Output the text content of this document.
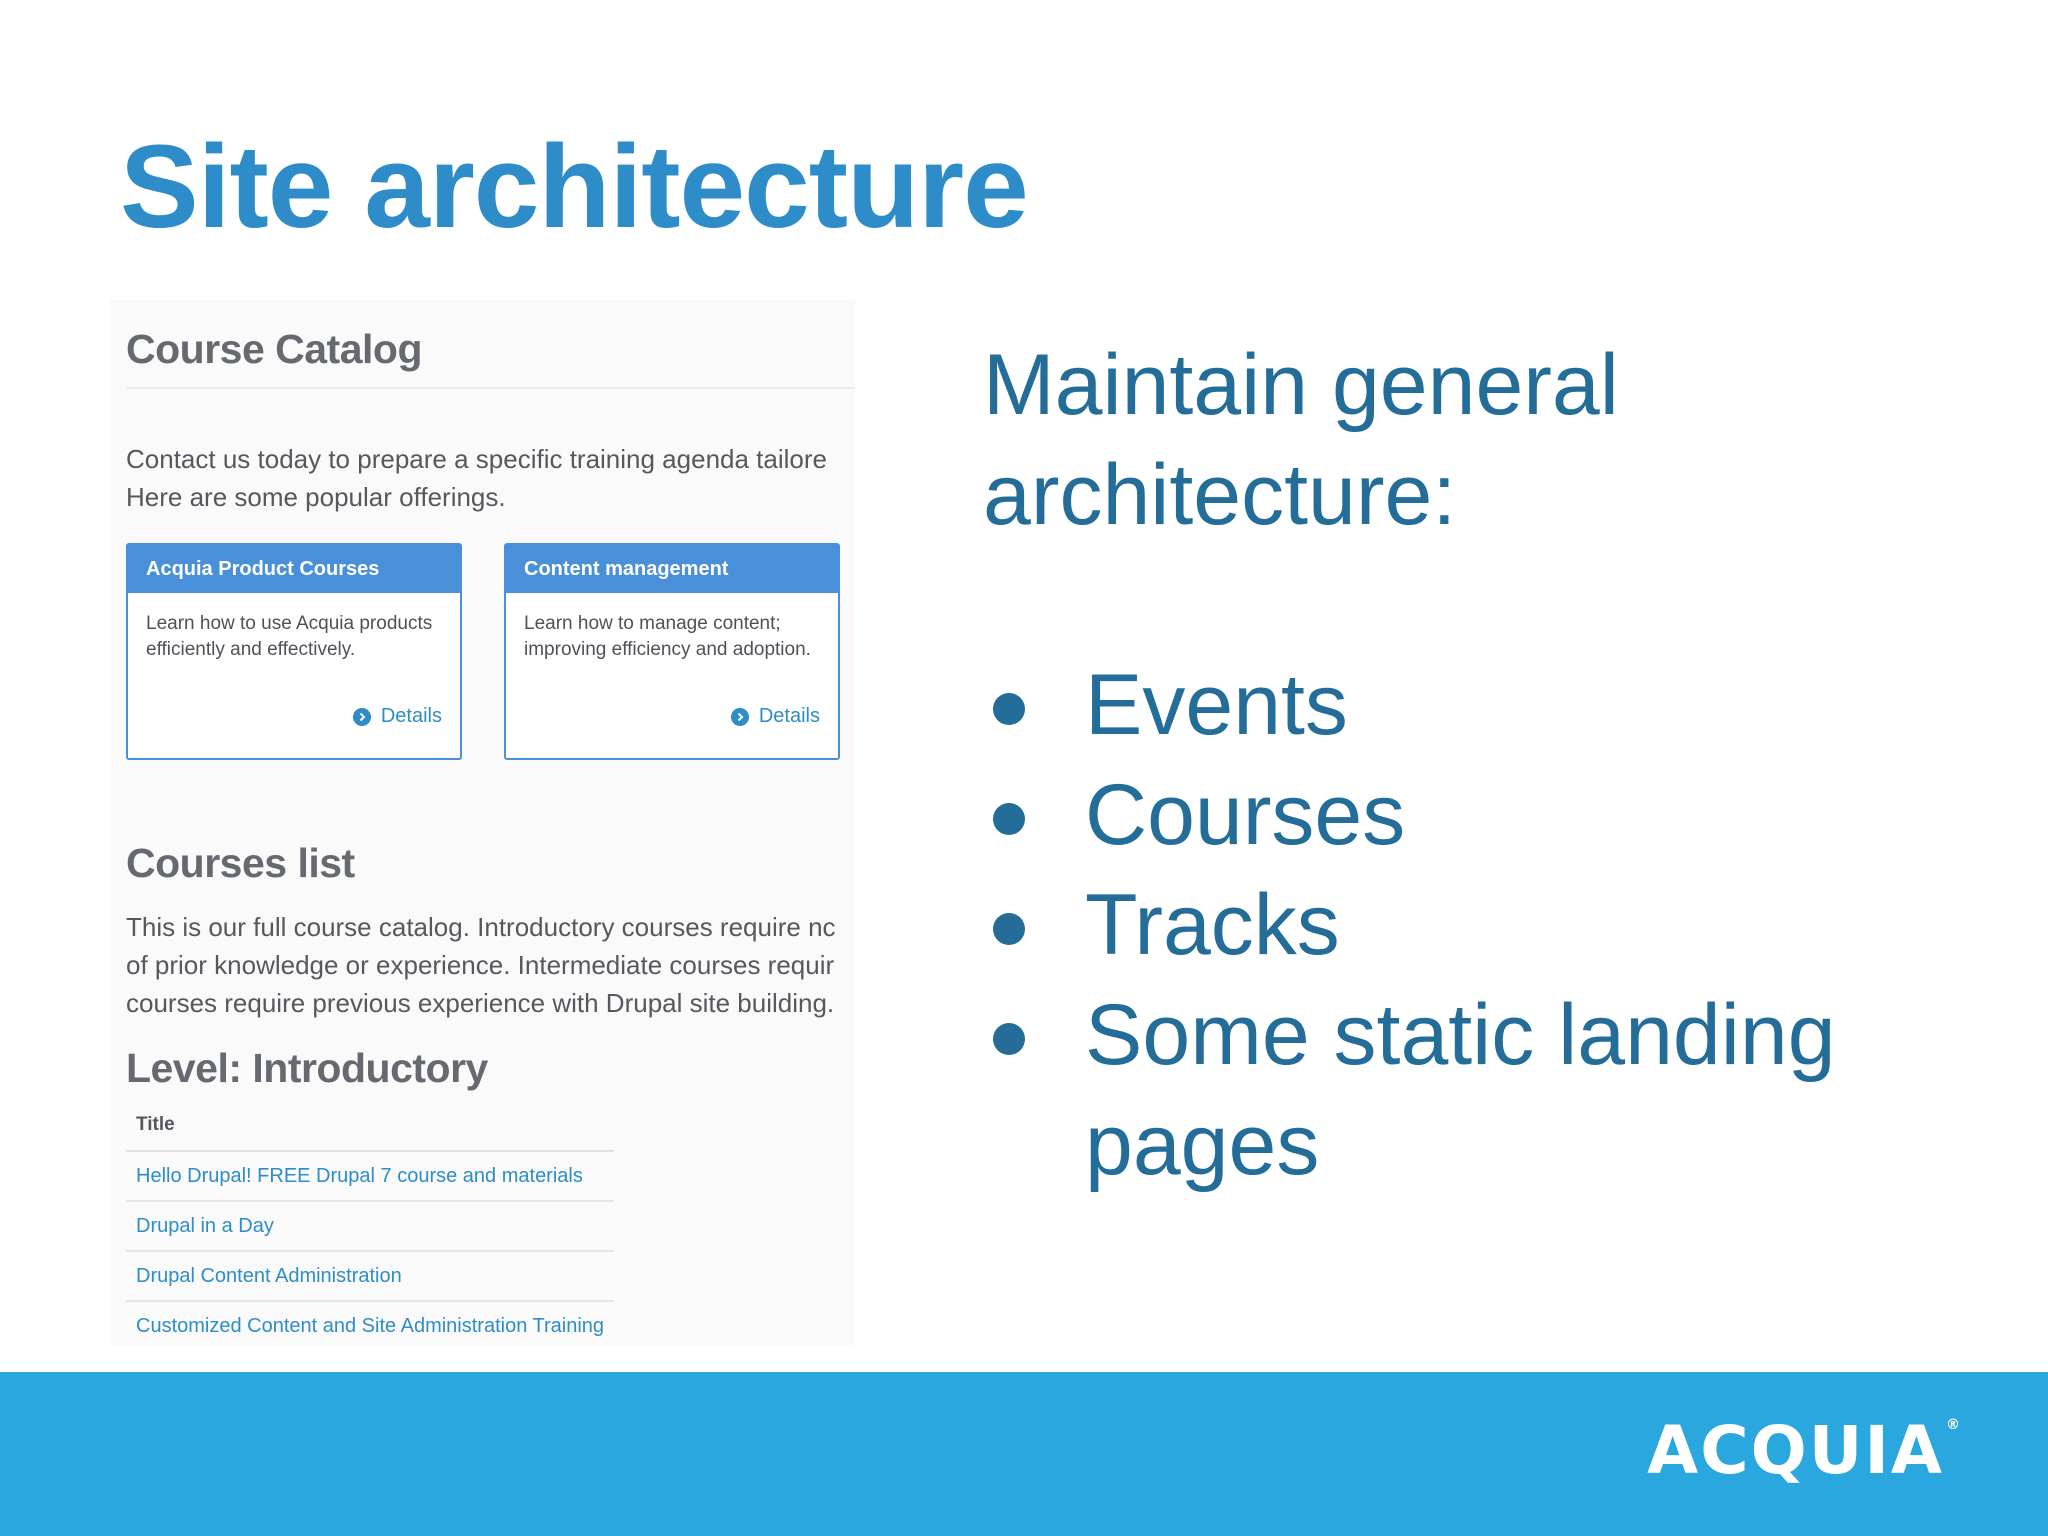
Site architecture
Course Catalog
Contact us today to prepare a specific training agenda tailore
Here are some popular offerings.
Acquia Product Courses
Learn how to use Acquia products efficiently and effectively.
Details
Content management
Learn how to manage content; improving efficiency and adoption.
Details
Courses list
This is our full course catalog. Introductory courses require nc
of prior knowledge or experience. Intermediate courses requir
courses require previous experience with Drupal site building.
Level: Introductory
Title
Hello Drupal! FREE Drupal 7 course and materials
Drupal in a Day
Drupal Content Administration
Customized Content and Site Administration Training

Maintain general architecture:

Events
Courses
Tracks
Some static landing pages
ACQUIA ®
